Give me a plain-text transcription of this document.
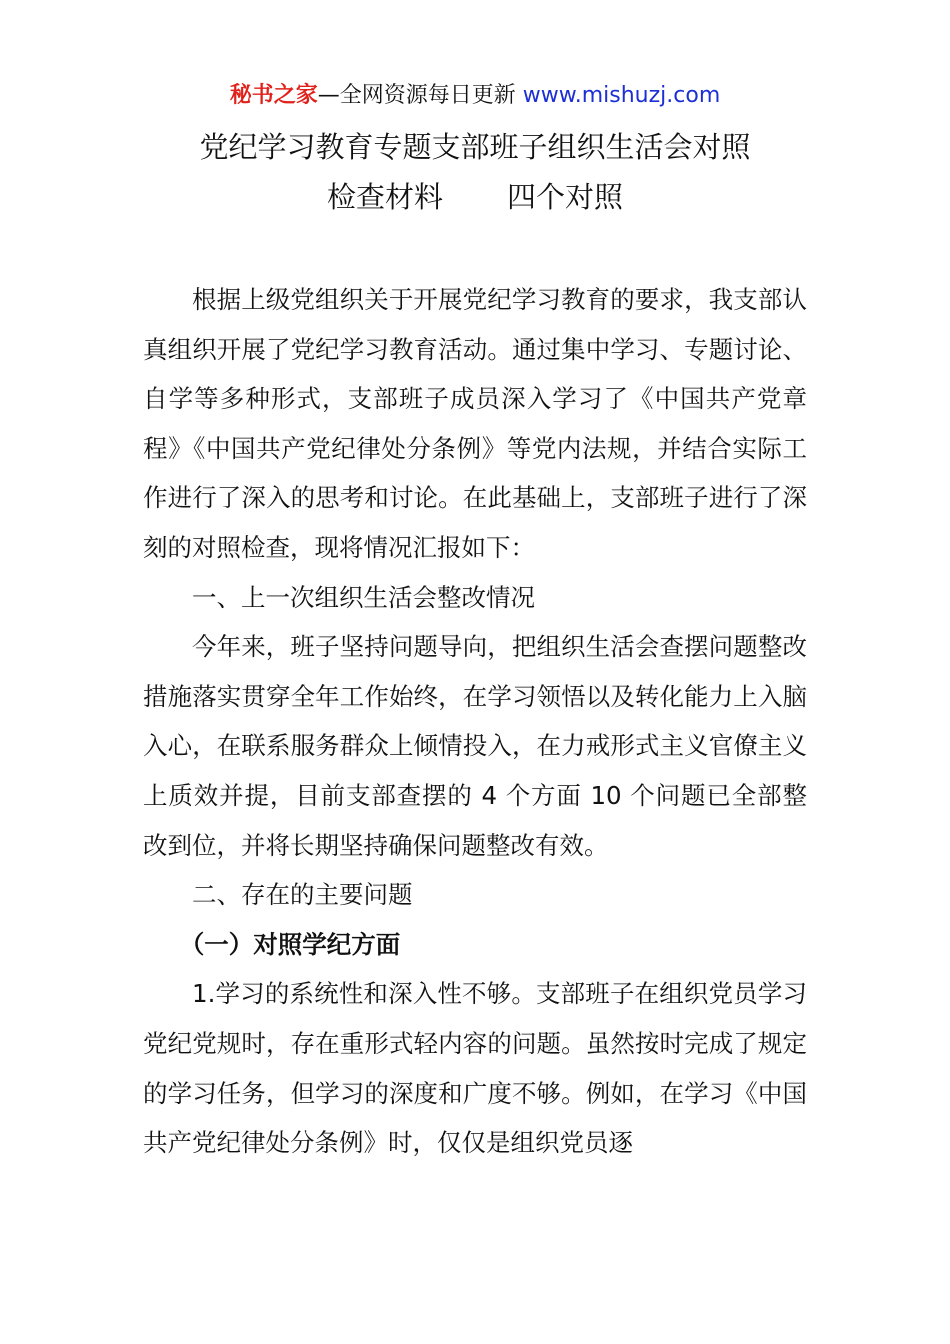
秘书之家—全网资源每日更新 www.mishuzj.com
党纪学习教育专题支部班子组织生活会对照
检查材料 四个对照

根据上级党组织关于开展党纪学习教育的要求，我支部认真组织开展了党纪学习教育活动。通过集中学习、专题讨论、自学等多种形式，支部班子成员深入学习了《中国共产党章程》《中国共产党纪律处分条例》等党内法规，并结合实际工作进行了深入的思考和讨论。在此基础上，支部班子进行了深刻的对照检查，现将情况汇报如下：

一、上一次组织生活会整改情况

今年来，班子坚持问题导向，把组织生活会查摆问题整改措施落实贯穿全年工作始终，在学习领悟以及转化能力上入脑入心，在联系服务群众上倾情投入，在力戒形式主义官僚主义上质效并提，目前支部查摆的 4 个方面 10 个问题已全部整改到位，并将长期坚持确保问题整改有效。

二、存在的主要问题

（一）对照学纪方面

1.学习的系统性和深入性不够。支部班子在组织党员学习党纪党规时，存在重形式轻内容的问题。虽然按时完成了规定的学习任务，但学习的深度和广度不够。例如，在学习《中国共产党纪律处分条例》时，仅仅是组织党员逐
